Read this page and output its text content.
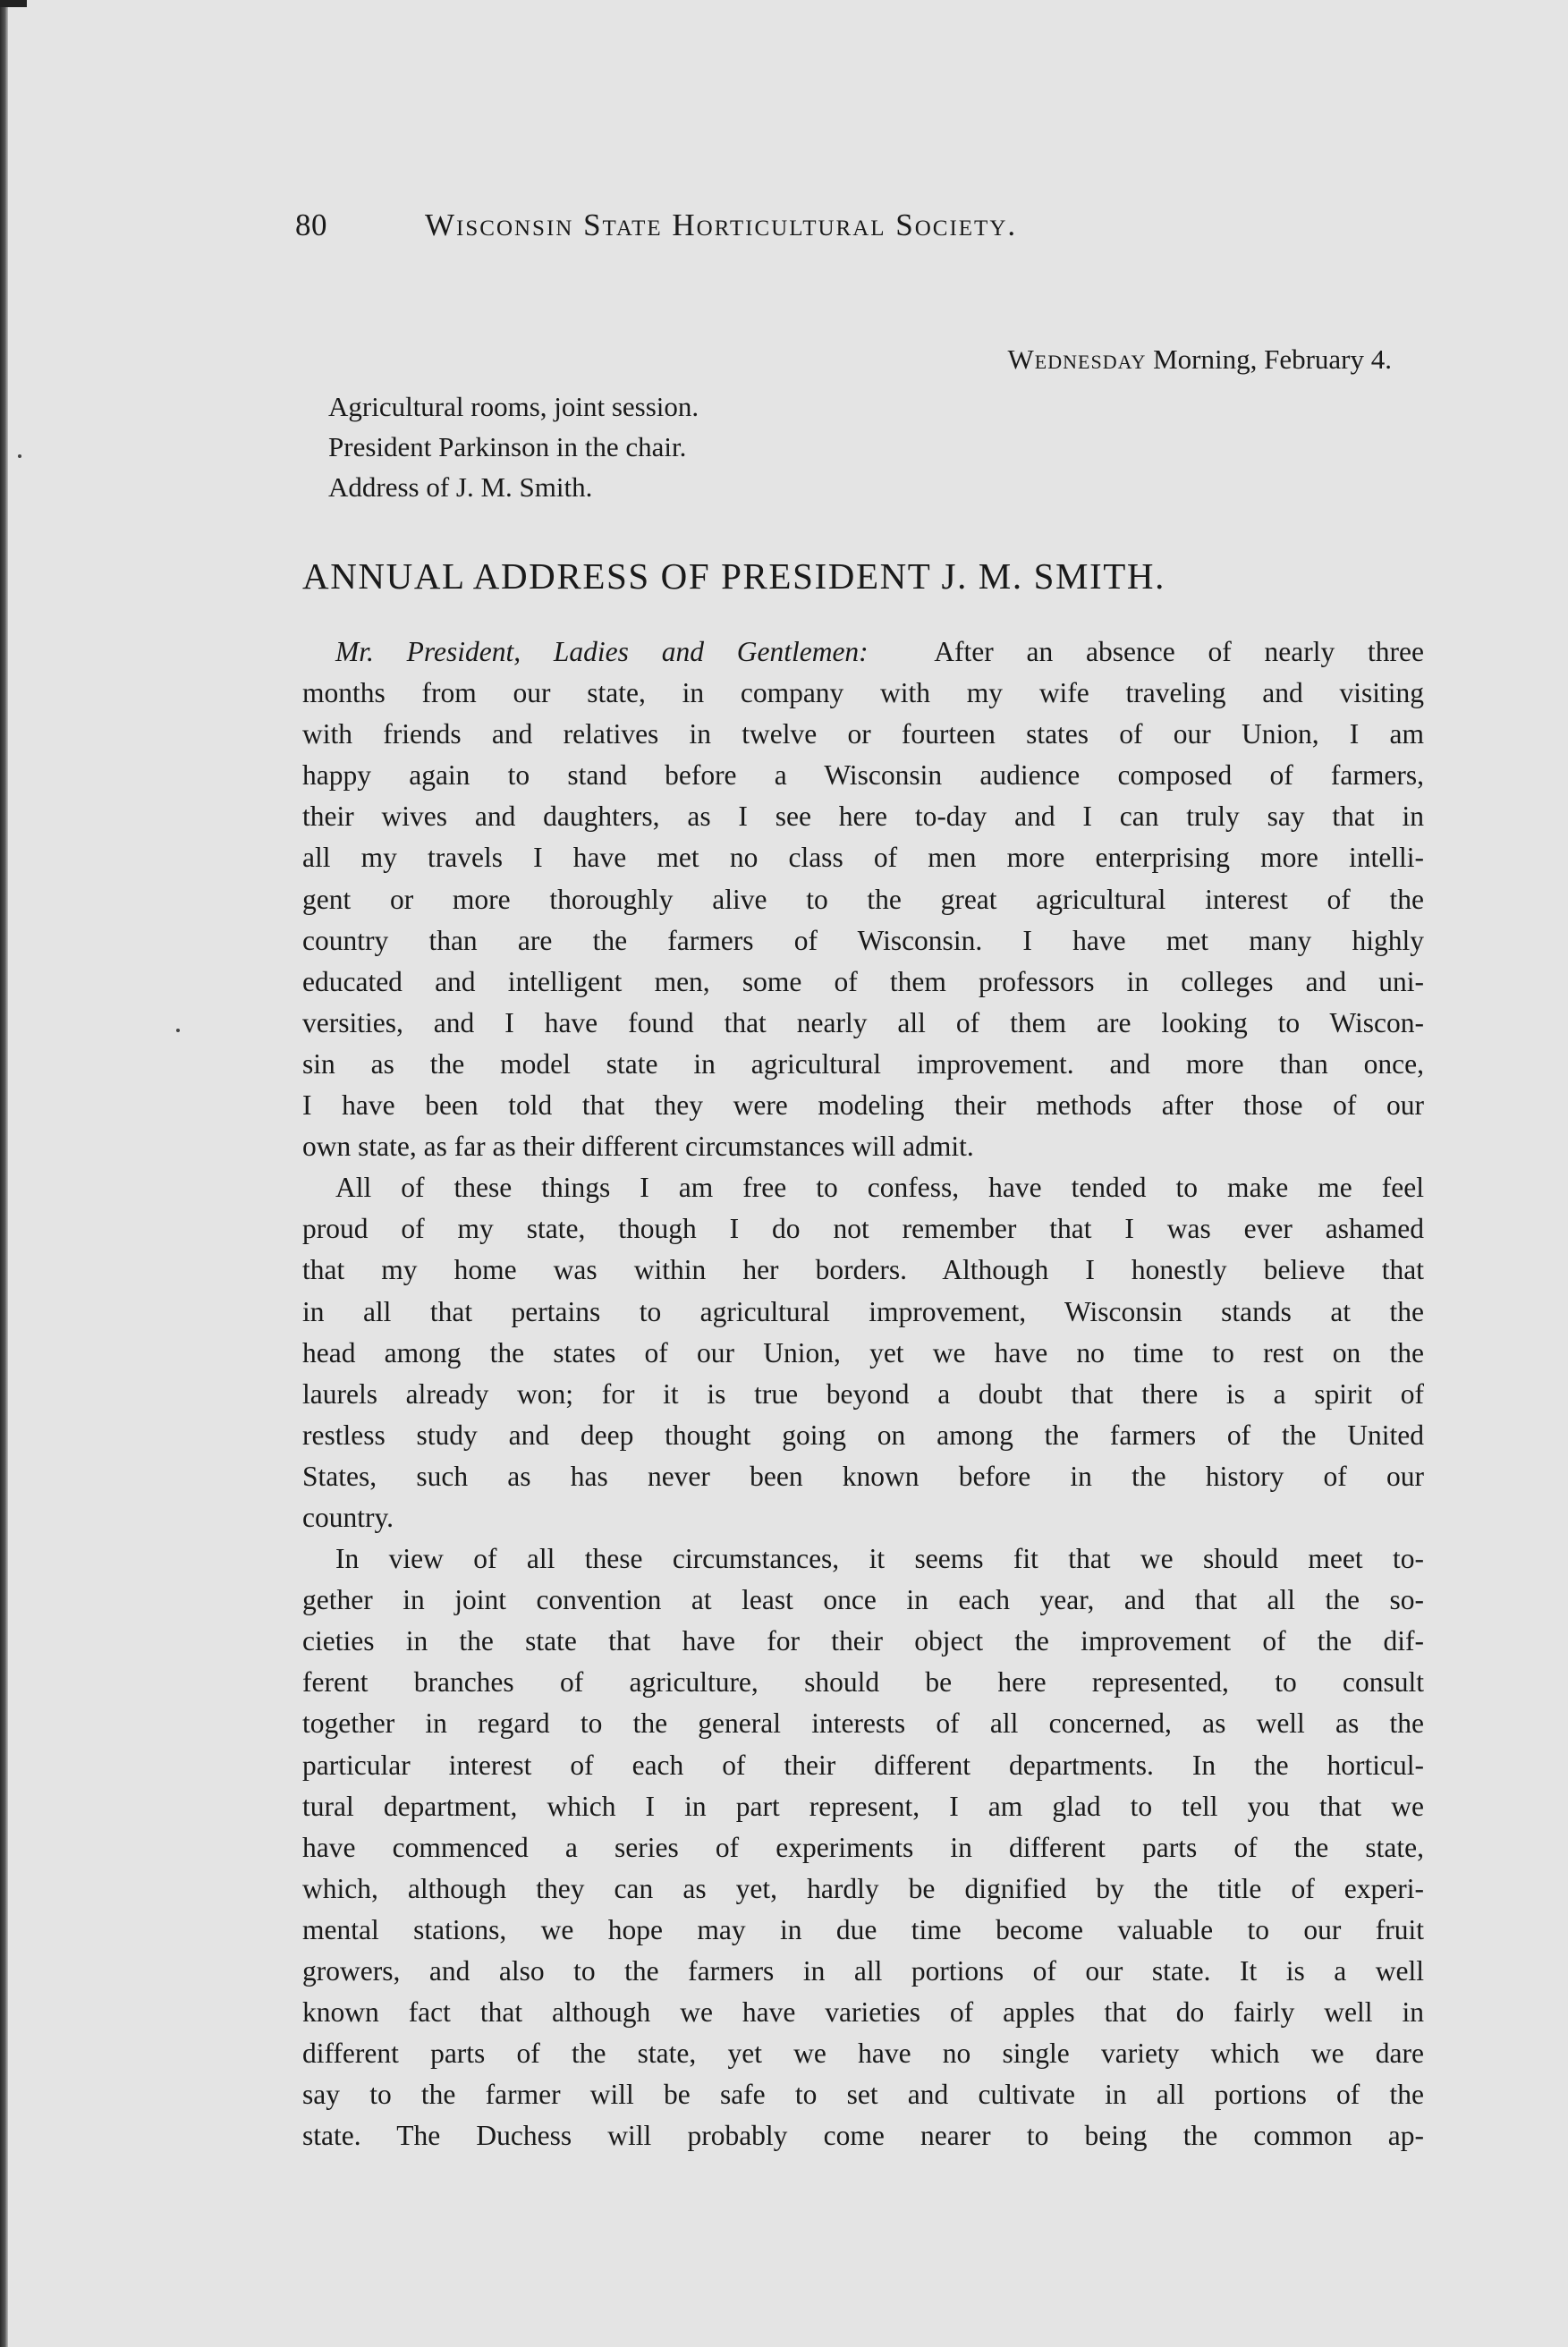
80	Wisconsin State Horticultural Society.
Wednesday Morning, February 4.
Agricultural rooms, joint session.
President Parkinson in the chair.
Address of J. M. Smith.
ANNUAL ADDRESS OF PRESIDENT J. M. SMITH.
Mr. President, Ladies and Gentlemen: After an absence of nearly three
months from our state, in company with my wife traveling and visiting
with friends and relatives in twelve or fourteen states of our Union, I am
happy again to stand before a Wisconsin audience composed of farmers,
their wives and daughters, as I see here to-day and I can truly say that in
all my travels I have met no class of men more enterprising more intelli-
gent or more thoroughly alive to the great agricultural interest of the
country than are the farmers of Wisconsin. I have met many highly
educated and intelligent men, some of them professors in colleges and uni-
versities, and I have found that nearly all of them are looking to Wiscon-
sin as the model state in agricultural improvement. and more than once,
I have been told that they were modeling their methods after those of our
own state, as far as their different circumstances will admit.
All of these things I am free to confess, have tended to make me feel
proud of my state, though I do not remember that I was ever ashamed
that my home was within her borders. Although I honestly believe that
in all that pertains to agricultural improvement, Wisconsin stands at the
head among the states of our Union, yet we have no time to rest on the
laurels already won; for it is true beyond a doubt that there is a spirit of
restless study and deep thought going on among the farmers of the United
States, such as has never been known before in the history of our
country.
In view of all these circumstances, it seems fit that we should meet to-
gether in joint convention at least once in each year, and that all the so-
cieties in the state that have for their object the improvement of the dif-
ferent branches of agriculture, should be here represented, to consult
together in regard to the general interests of all concerned, as well as the
particular interest of each of their different departments. In the horticul-
tural department, which I in part represent, I am glad to tell you that we
have commenced a series of experiments in different parts of the state,
which, although they can as yet, hardly be dignified by the title of experi-
mental stations, we hope may in due time become valuable to our fruit
growers, and also to the farmers in all portions of our state. It is a well
known fact that although we have varieties of apples that do fairly well in
different parts of the state, yet we have no single variety which we dare
say to the farmer will be safe to set and cultivate in all portions of the
state. The Duchess will probably come nearer to being the common ap-
